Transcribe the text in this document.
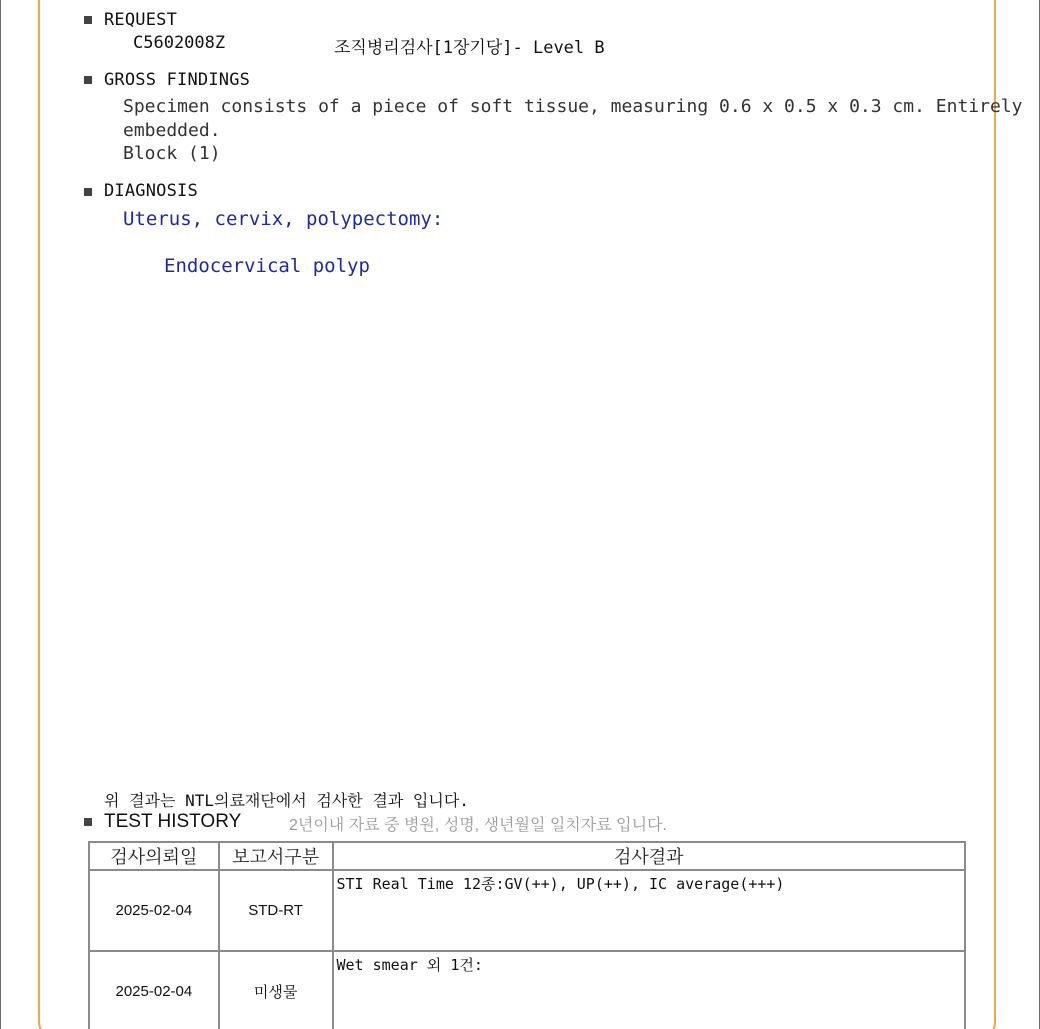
REQUEST
C5602008Z	조직병리검사[1장기당]- Level B
GROSS FINDINGS
Specimen consists of a piece of soft tissue, measuring 0.6 x 0.5 x 0.3 cm. Entirely
embedded.
Block (1)
DIAGNOSIS
Uterus, cervix, polypectomy:
Endocervical polyp
위 결과는 NTL의료재단에서 검사한 결과 입니다.
TEST HISTORY	2년이내 자료 중 병원, 성명, 생년월일 일치자료 입니다.
검사의뢰일	보고서구분	검사결과
2025-02-04	STD-RT	STI Real Time 12종:GV(++), UP(++), IC average(+++)
2025-02-04	미생물	Wet smear 외 1건:
